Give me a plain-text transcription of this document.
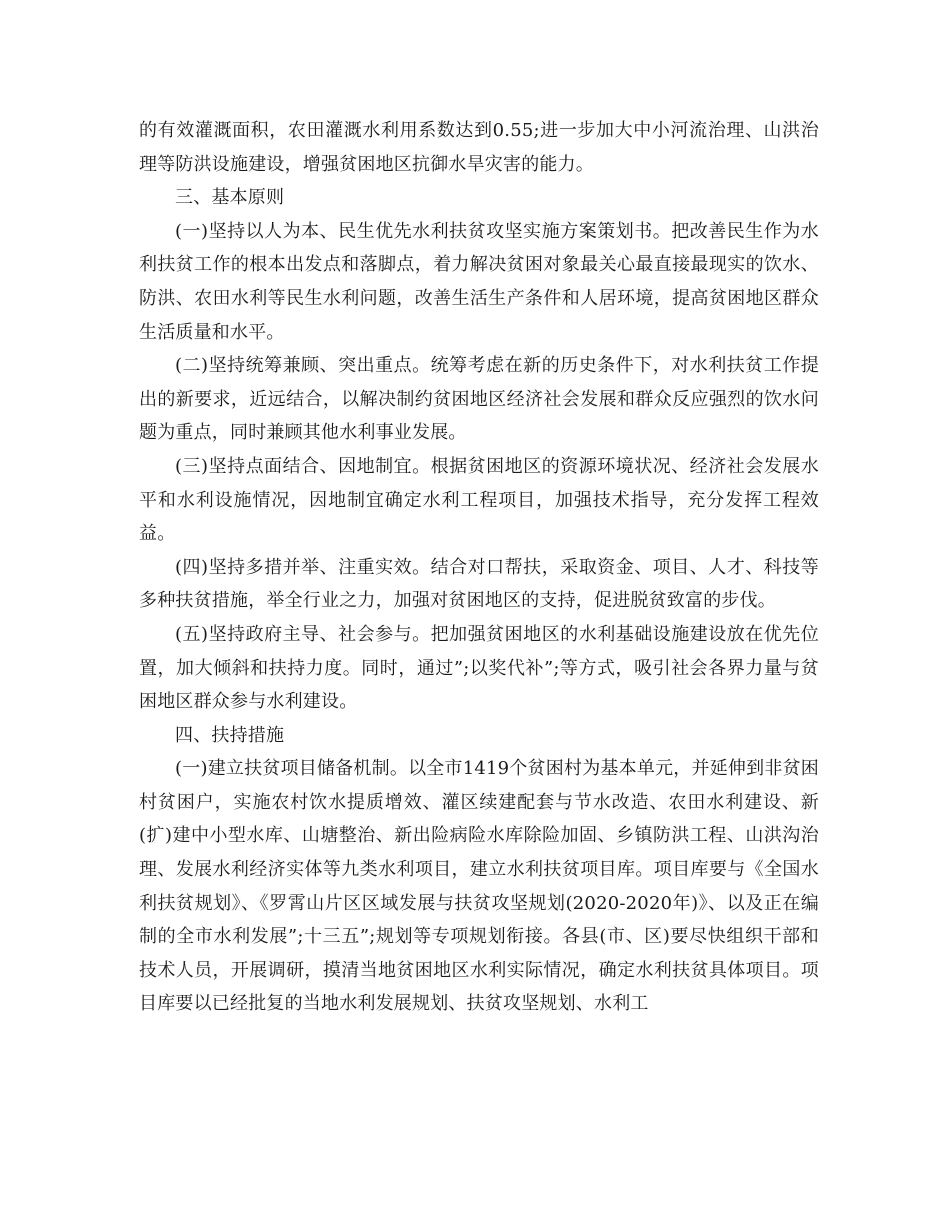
的有效灌溉面积，农田灌溉水利用系数达到0.55;进一步加大中小河流治理、山洪治理等防洪设施建设，增强贫困地区抗御水旱灾害的能力。

三、基本原则

(一)坚持以人为本、民生优先水利扶贫攻坚实施方案策划书。把改善民生作为水利扶贫工作的根本出发点和落脚点，着力解决贫困对象最关心最直接最现实的饮水、防洪、农田水利等民生水利问题，改善生活生产条件和人居环境，提高贫困地区群众生活质量和水平。

(二)坚持统筹兼顾、突出重点。统筹考虑在新的历史条件下，对水利扶贫工作提出的新要求，近远结合，以解决制约贫困地区经济社会发展和群众反应强烈的饮水问题为重点，同时兼顾其他水利事业发展。

(三)坚持点面结合、因地制宜。根据贫困地区的资源环境状况、经济社会发展水平和水利设施情况，因地制宜确定水利工程项目，加强技术指导，充分发挥工程效益。

(四)坚持多措并举、注重实效。结合对口帮扶，采取资金、项目、人才、科技等多种扶贫措施，举全行业之力，加强对贫困地区的支持，促进脱贫致富的步伐。

(五)坚持政府主导、社会参与。把加强贫困地区的水利基础设施建设放在优先位置，加大倾斜和扶持力度。同时，通过”;以奖代补”;等方式，吸引社会各界力量与贫困地区群众参与水利建设。

四、扶持措施

(一)建立扶贫项目储备机制。以全市1419个贫困村为基本单元，并延伸到非贫困村贫困户，实施农村饮水提质增效、灌区续建配套与节水改造、农田水利建设、新(扩)建中小型水库、山塘整治、新出险病险水库除险加固、乡镇防洪工程、山洪沟治理、发展水利经济实体等九类水利项目，建立水利扶贫项目库。项目库要与《全国水利扶贫规划》、《罗霄山片区区域发展与扶贫攻坚规划(2020-2020年)》、以及正在编制的全市水利发展”;十三五”;规划等专项规划衔接。各县(市、区)要尽快组织干部和技术人员，开展调研，摸清当地贫困地区水利实际情况，确定水利扶贫具体项目。项目库要以已经批复的当地水利发展规划、扶贫攻坚规划、水利工
